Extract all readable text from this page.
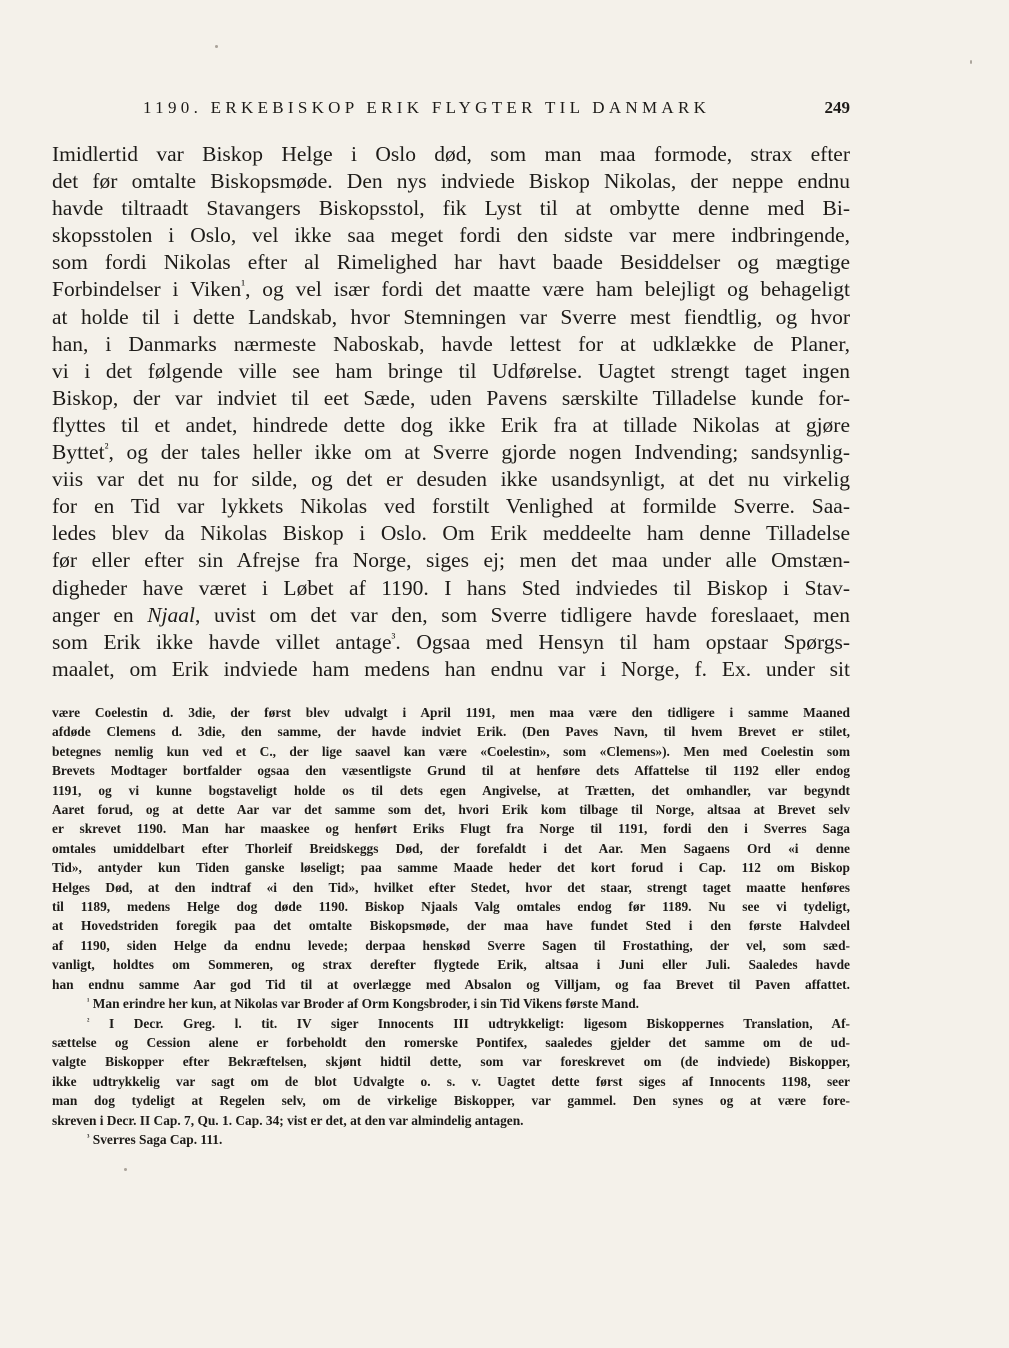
1190. ERKEBISKOP ERIK FLYGTER TIL DANMARK	249
Imidlertid var Biskop Helge i Oslo død, som man maa formode, strax efter
det før omtalte Biskopsmøde. Den nys indviede Biskop Nikolas, der neppe endnu
havde tiltraadt Stavangers Biskopsstol, fik Lyst til at ombytte denne med Bi-
skopsstolen i Oslo, vel ikke saa meget fordi den sidste var mere indbringende,
som fordi Nikolas efter al Rimelighed har havt baade Besiddelser og mægtige
Forbindelser i Viken$^{^1}$, og vel især fordi det maatte være ham belejligt og behageligt
at holde til i dette Landskab, hvor Stemningen var Sverre mest fiendtlig, og hvor
han, i Danmarks nærmeste Naboskab, havde lettest for at udklække de Planer,
vi i det følgende ville see ham bringe til Udførelse. Uagtet strengt taget ingen
Biskop, der var indviet til eet Sæde, uden Pavens særskilte Tilladelse kunde for-
flyttes til et andet, hindrede dette dog ikke Erik fra at tillade Nikolas at gjøre
Byttet$^{^2}$, og der tales heller ikke om at Sverre gjorde nogen Indvending; sandsynlig-
viis var det nu for silde, og det er desuden ikke usandsynligt, at det nu virkelig
for en Tid var lykkets Nikolas ved forstilt Venlighed at formilde Sverre. Saa-
ledes blev da Nikolas Biskop i Oslo. Om Erik meddeelte ham denne Tilladelse
før eller efter sin Afrejse fra Norge, siges ej; men det maa under alle Omstæn-
digheder have været i Løbet af 1190. I hans Sted indviedes til Biskop i Stav-
anger en Njaal, uvist om det var den, som Sverre tidligere havde foreslaaet, men
som Erik ikke havde villet antage$^{^3}$. Ogsaa med Hensyn til ham opstaar Spørgs-
maalet, om Erik indviede ham medens han endnu var i Norge, f. Ex. under sit
være Coelestin d. 3die, der først blev udvalgt i April 1191, men maa være den tidligere i samme Maaned
afdøde Clemens d. 3die, den samme, der havde indviet Erik. (Den Paves Navn, til hvem Brevet er stilet,
betegnes nemlig kun ved et C., der lige saavel kan være «Coelestin», som «Clemens»). Men med Coelestin som
Brevets Modtager bortfalder ogsaa den væsentligste Grund til at henføre dets Affattelse til 1192 eller endog
1191, og vi kunne bogstaveligt holde os til dets egen Angivelse, at Trætten, det omhandler, var begyndt
Aaret forud, og at dette Aar var det samme som det, hvori Erik kom tilbage til Norge, altsaa at Brevet selv
er skrevet 1190. Man har maaskee og henført Eriks Flugt fra Norge til 1191, fordi den i Sverres Saga
omtales umiddelbart efter Thorleif Breidskeggs Død, der forefaldt i det Aar. Men Sagaens Ord «i denne
Tid», antyder kun Tiden ganske løseligt; paa samme Maade heder det kort forud i Cap. 112 om Biskop
Helges Død, at den indtraf «i den Tid», hvilket efter Stedet, hvor det staar, strengt taget maatte henføres
til 1189, medens Helge dog døde 1190. Biskop Njaals Valg omtales endog før 1189. Nu see vi tydeligt,
at Hovedstriden foregik paa det omtalte Biskopsmøde, der maa have fundet Sted i den første Halvdeel
af 1190, siden Helge da endnu levede; derpaa henskød Sverre Sagen til Frostathing, der vel, som sæd-
vanligt, holdtes om Sommeren, og strax derefter flygtede Erik, altsaa i Juni eller Juli. Saaledes havde
han endnu samme Aar god Tid til at overlægge med Absalon og Villjam, og faa Brevet til Paven affattet.
$^{^1}$ Man erindre her kun, at Nikolas var Broder af Orm Kongsbroder, i sin Tid Vikens første Mand.
$^{^2}$ I Decr. Greg. l. tit. IV siger Innocents III udtrykkeligt: ligesom Biskoppernes Translation, Af-
sættelse og Cession alene er forbeholdt den romerske Pontifex, saaledes gjelder det samme om de ud-
valgte Biskopper efter Bekræftelsen, skjønt hidtil dette, som var foreskrevet om (de indviede) Biskopper,
ikke udtrykkelig var sagt om de blot Udvalgte o. s. v. Uagtet dette først siges af Innocents 1198, seer
man dog tydeligt at Regelen selv, om de virkelige Biskopper, var gammel. Den synes og at være fore-
skreven i Decr. II Cap. 7, Qu. 1. Cap. 34; vist er det, at den var almindelig antagen.
$^{^3}$ Sverres Saga Cap. 111.
